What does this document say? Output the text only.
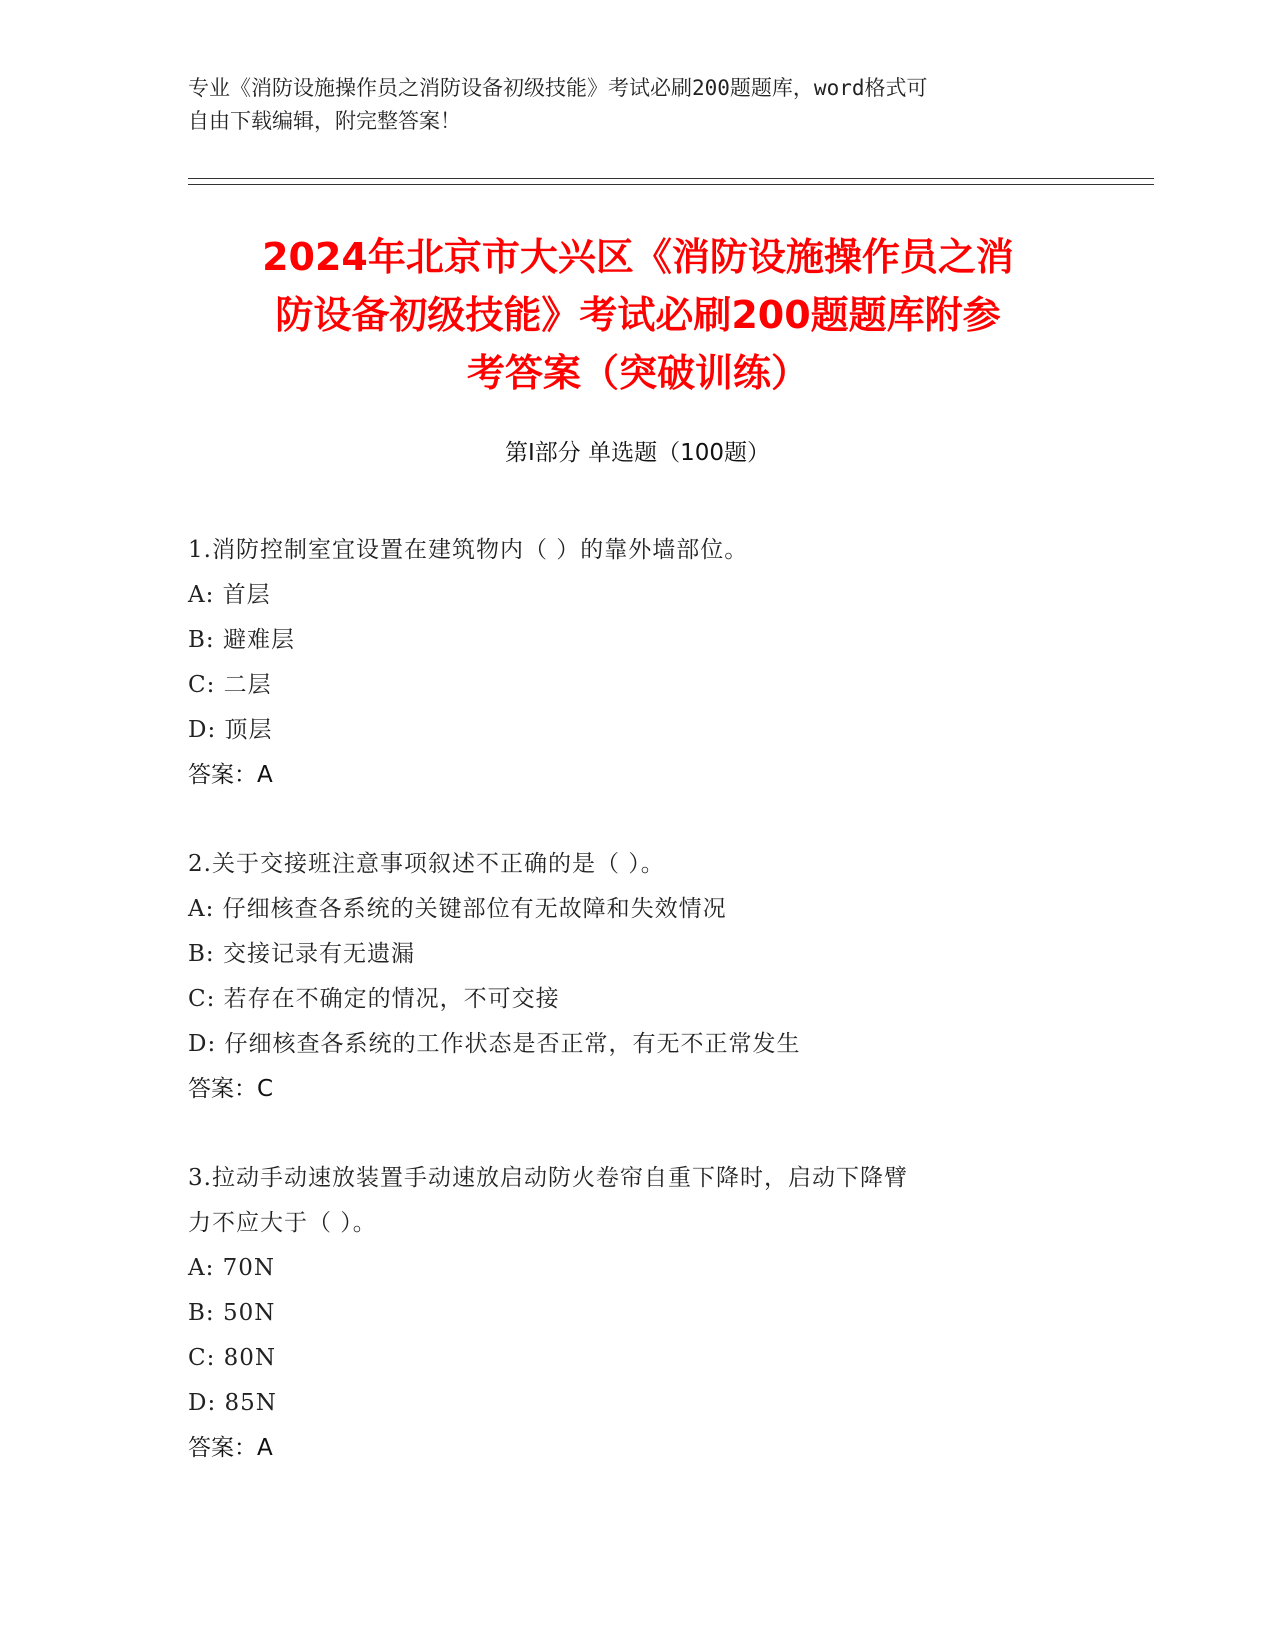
专业《消防设施操作员之消防设备初级技能》考试必刷200题题库，word格式可
自由下载编辑，附完整答案！
2024年北京市大兴区《消防设施操作员之消
防设备初级技能》考试必刷200题题库附参
考答案（突破训练）
第Ⅰ部分 单选题（100题）

1.消防控制室宜设置在建筑物内（ ）的靠外墙部位。

A: 首层

B: 避难层

C: 二层

D: 顶层

答案：A

2.关于交接班注意事项叙述不正确的是（ ）。

A: 仔细核查各系统的关键部位有无故障和失效情况

B: 交接记录有无遗漏

C: 若存在不确定的情况，不可交接

D: 仔细核查各系统的工作状态是否正常，有无不正常发生

答案：C

3.拉动手动速放装置手动速放启动防火卷帘自重下降时，启动下降臂

力不应大于（ ）。

A: 70N

B: 50N

C: 80N

D: 85N

答案：A
